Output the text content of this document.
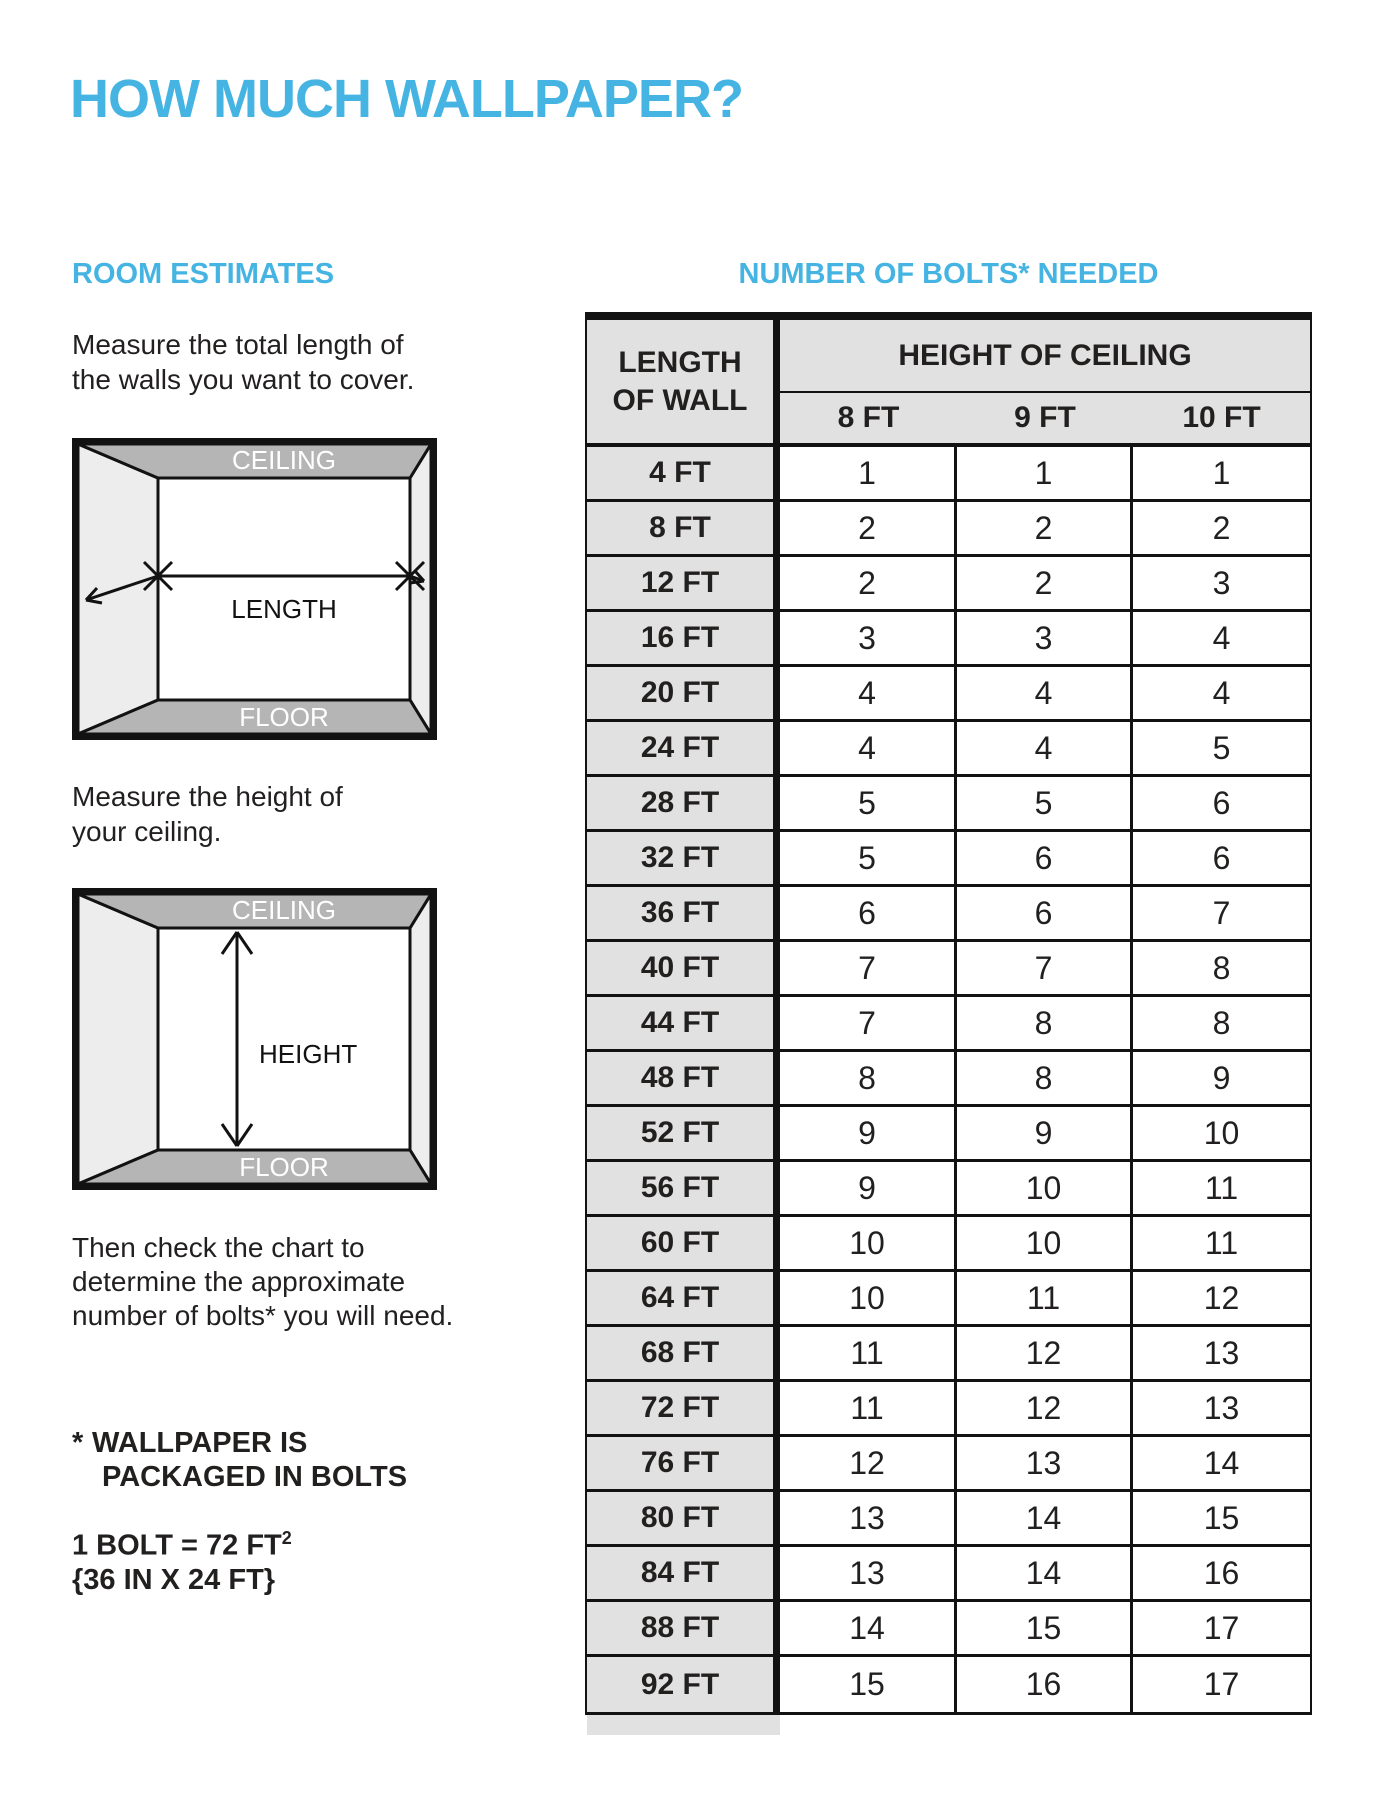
HOW MUCH WALLPAPER?
ROOM ESTIMATES
Measure the total length of
the walls you want to cover.
CEILING
FLOOR
LENGTH
Measure the height of
your ceiling.
CEILING
FLOOR
HEIGHT
Then check the chart to
determine the approximate
number of bolts* you will need.
* WALLPAPER IS
PACKAGED IN BOLTS
1 BOLT = 72 $FT^2$
{36 IN X 24 FT}
NUMBER OF BOLTS* NEEDED
LENGTH
OF WALL
HEIGHT OF CEILING
8 FT	9 FT	10 FT
4 FT	1	1	1
8 FT	2	2	2
12 FT	2	2	3
16 FT	3	3	4
20 FT	4	4	4
24 FT	4	4	5
28 FT	5	5	6
32 FT	5	6	6
36 FT	6	6	7
40 FT	7	7	8
44 FT	7	8	8
48 FT	8	8	9
52 FT	9	9	10
56 FT	9	10	11
60 FT	10	10	11
64 FT	10	11	12
68 FT	11	12	13
72 FT	11	12	13
76 FT	12	13	14
80 FT	13	14	15
84 FT	13	14	16
88 FT	14	15	17
92 FT	15	16	17
